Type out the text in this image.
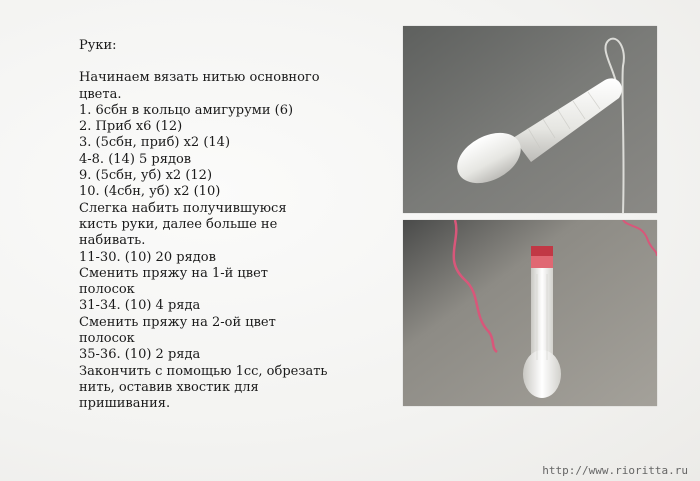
Руки:
Начинаем вязать нитью основного
цвета.
1. 6сбн в кольцо амигуруми (6)
2. Приб х6 (12)
3. (5сбн, приб) х2 (14)
4-8. (14) 5 рядов
9. (5сбн, уб) х2 (12)
10. (4сбн, уб) х2 (10)
Слегка набить получившуюся
кисть руки, далее больше не
набивать.
11-30. (10) 20 рядов
Сменить пряжу на 1-й цвет
полосок
31-34. (10) 4 ряда
Сменить пряжу на 2-ой цвет
полосок
35-36. (10) 2 ряда
Закончить с помощью 1сс, обрезать
нить, оставив хвостик для
пришивания.
http://www.rioritta.ru
